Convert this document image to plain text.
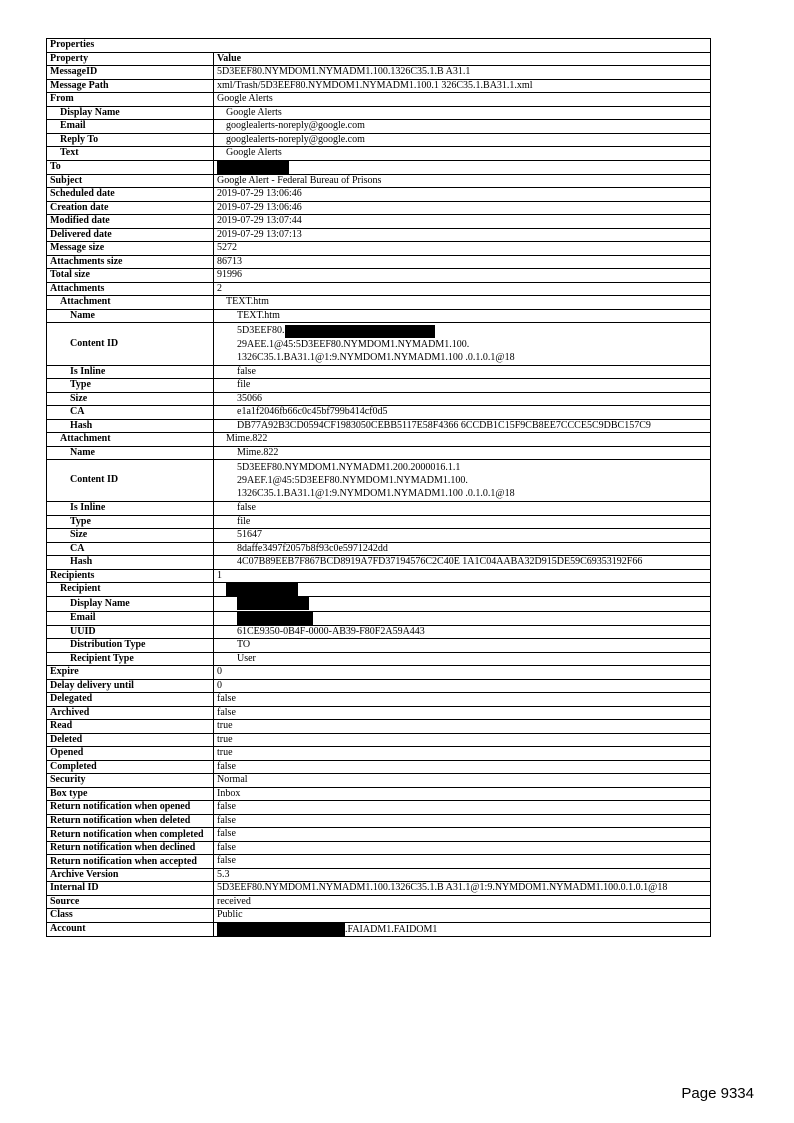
Properties	
Property	Value
MessageID	5D3EEF80.NYMDOM1.NYMADM1.100.1326C35.1.B A31.1
Message Path	xml/Trash/5D3EEF80.NYMDOM1.NYMADM1.100.1 326C35.1.BA31.1.xml
From	Google Alerts
Display Name	Google Alerts
Email	googlealerts-noreply@google.com
Reply To	googlealerts-noreply@google.com
Text	Google Alerts
To	
Subject	Google Alert - Federal Bureau of Prisons
Scheduled date	2019-07-29 13:06:46
Creation date	2019-07-29 13:06:46
Modified date	2019-07-29 13:07:44
Delivered date	2019-07-29 13:07:13
Message size	5272
Attachments size	86713
Total size	91996
Attachments	2
Attachment	TEXT.htm
Name	TEXT.htm
Content ID	5D3EEF80.
29AEE.1@45:5D3EEF80.NYMDOM1.NYMADM1.100.
1326C35.1.BA31.1@1:9.NYMDOM1.NYMADM1.100 .0.1.0.1@18
Is Inline	false
Type	file
Size	35066
CA	e1a1f2046fb66c0c45bf799b414cf0d5
Hash	DB77A92B3CD0594CF1983050CEBB5117E58F4366 6CCDB1C15F9CB8EE7CCCE5C9DBC157C9
Attachment	Mime.822
Name	Mime.822
Content ID	5D3EEF80.NYMDOM1.NYMADM1.200.2000016.1.1
29AEF.1@45:5D3EEF80.NYMDOM1.NYMADM1.100.
1326C35.1.BA31.1@1:9.NYMDOM1.NYMADM1.100 .0.1.0.1@18
Is Inline	false
Type	file
Size	51647
CA	8daffe3497f2057b8f93c0e5971242dd
Hash	4C07B89EEB7F867BCD8919A7FD37194576C2C40E 1A1C04AABA32D915DE59C69353192F66
Recipients	1
Recipient	
Display Name	
Email	
UUID	61CE9350-0B4F-0000-AB39-F80F2A59A443
Distribution Type	TO
Recipient Type	User
Expire	0
Delay delivery until	0
Delegated	false
Archived	false
Read	true
Deleted	true
Opened	true
Completed	false
Security	Normal
Box type	Inbox
Return notification when opened	false
Return notification when deleted	false
Return notification when completed	false
Return notification when declined	false
Return notification when accepted	false
Archive Version	5.3
Internal ID	5D3EEF80.NYMDOM1.NYMADM1.100.1326C35.1.B A31.1@1:9.NYMDOM1.NYMADM1.100.0.1.0.1@18
Source	received
Class	Public
Account	.FAIADM1.FAIDOM1
Page 9334
